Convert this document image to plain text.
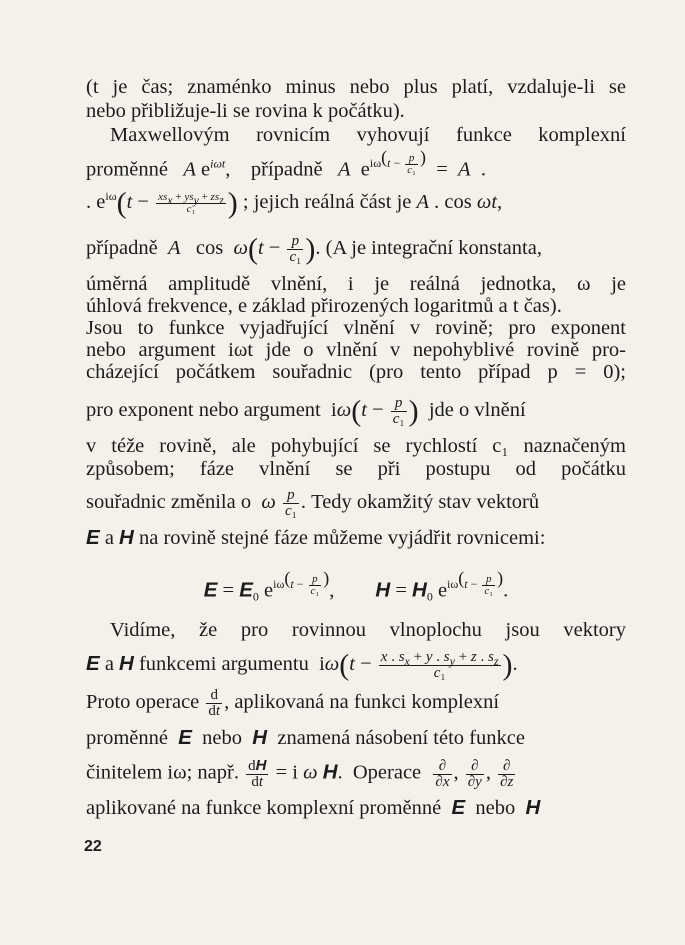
(t je čas; znaménko minus nebo plus platí, vzdaluje-li se
nebo přibližuje-li se rovina k počátku).
Maxwellovým rovnicím vyhovují funkce komplexní
proměnné A $e^{i\omega t}$,    případně A  $e^{i\omega(t - \frac{p}{\text{c₁}} )} = A$  .
. $e^{i\omega}(t - xs_x + ys_y + zs_z$
c₁	) ; jejich reálná část je A . cos ωt,
případně A $\cos \omega(t - \frac{p}{\text{c₁}}$ ). (A je integrační konstanta,
úměrná amplitudě vlnění, i je reálná jednotka, ω je
úhlová frekvence, e základ přirozených logaritmů a t čas).
Jsou to funkce vyjadřující vlnění v rovině; pro exponent
nebo argument iωt jde o vlnění v nepohyblivé rovině pro-
cházející počátkem souřadnic (pro tento případ p = 0);
pro exponent nebo argument  $i\omega(t - \frac{p}{\text{c₁}}$ ) jde o vlnění
v téže rovině, ale pohybující se rychlostí c₁ naznačeným
způsobem; fáze vlnění se při postupu od počátku
souřadnic změnila o ω $\frac{p}{\text{c₁}}$ . Tedy okamžitý stav vektorů
E a H na rovině stejné fáze můžeme vyjádřit rovnicemi:
$E = E_0$ $e^{i\omega(t - \frac{p}{\text{c₁}} )}$,        $H = H_0$ $e^{i\omega(t - \frac{p}{\text{c₁}} )}$.
Vidíme, že pro rovinnou vlnoplochu jsou vektory
E a H funkcemi argumentu  $i\omega(t - \frac{x . s_x + y . s_y + z . s_z}{\text{c₁}}$ ).
Proto operace $\frac{d}{dt}$ , aplikovaná na funkci komplexní
proměnné E nebo H znamená násobení této funkce
činitelem iω; např. $\frac{dH}{dt} = i$ ω H.  Operace	∂
∂x , ∂
∂y , ∂
∂z
aplikované na funkce komplexní proměnné E nebo H
22
